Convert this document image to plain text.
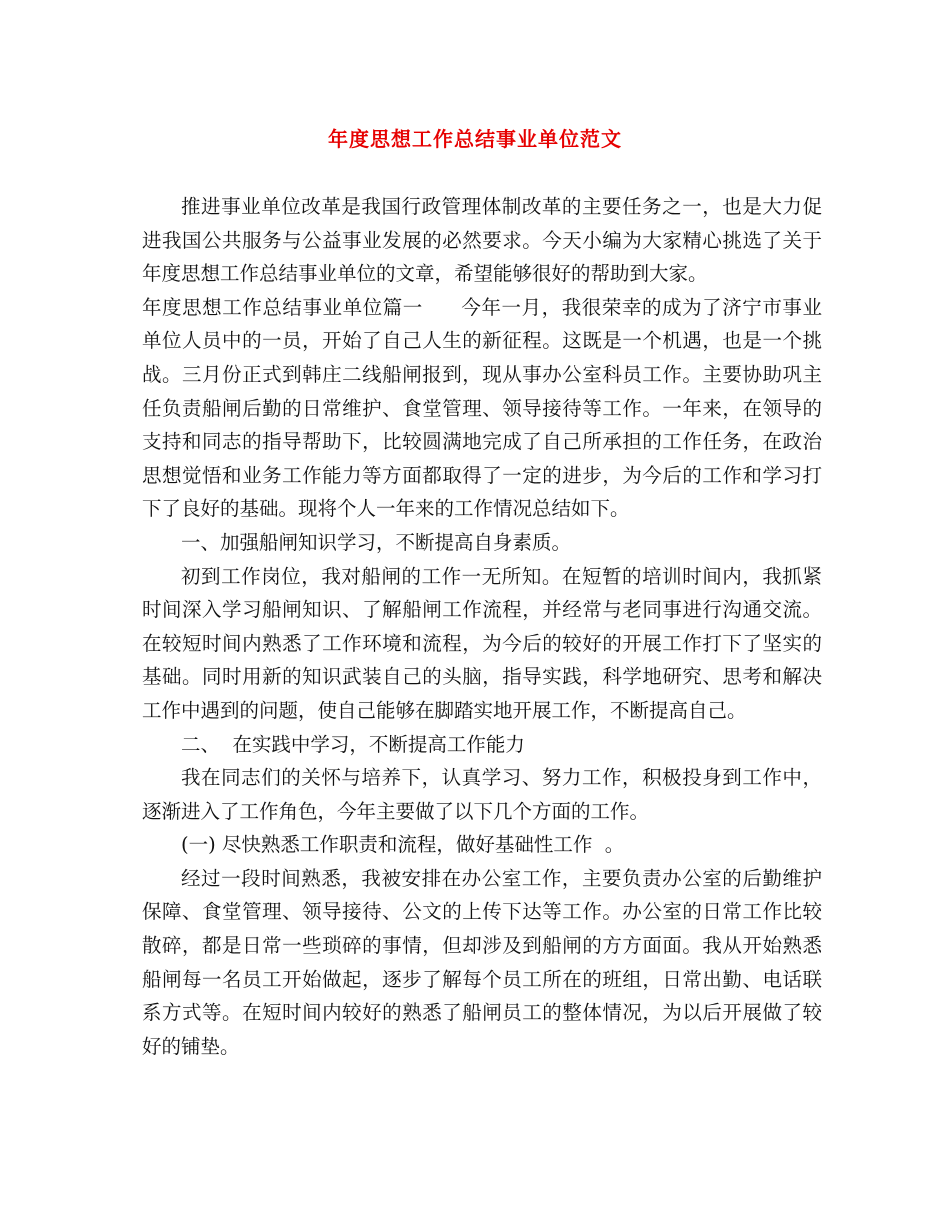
年度思想工作总结事业单位范文

推进事业单位改革是我国行政管理体制改革的主要任务之一，也是大力促进我国公共服务与公益事业发展的必然要求。今天小编为大家精心挑选了关于年度思想工作总结事业单位的文章，希望能够很好的帮助到大家。

年度思想工作总结事业单位篇一 今年一月，我很荣幸的成为了济宁市事业单位人员中的一员，开始了自己人生的新征程。这既是一个机遇，也是一个挑战。三月份正式到韩庄二线船闸报到，现从事办公室科员工作。主要协助巩主任负责船闸后勤的日常维护、食堂管理、领导接待等工作。一年来，在领导的支持和同志的指导帮助下，比较圆满地完成了自己所承担的工作任务，在政治思想觉悟和业务工作能力等方面都取得了一定的进步，为今后的工作和学习打下了良好的基础。现将个人一年来的工作情况总结如下。

一、加强船闸知识学习，不断提高自身素质。

初到工作岗位，我对船闸的工作一无所知。在短暂的培训时间内，我抓紧时间深入学习船闸知识、了解船闸工作流程，并经常与老同事进行沟通交流。在较短时间内熟悉了工作环境和流程，为今后的较好的开展工作打下了坚实的基础。同时用新的知识武装自己的头脑，指导实践，科学地研究、思考和解决工作中遇到的问题，使自己能够在脚踏实地开展工作，不断提高自己。

二、  在实践中学习，不断提高工作能力

我在同志们的关怀与培养下，认真学习、努力工作，积极投身到工作中，逐渐进入了工作角色，今年主要做了以下几个方面的工作。

(一) 尽快熟悉工作职责和流程，做好基础性工作  。

经过一段时间熟悉，我被安排在办公室工作，主要负责办公室的后勤维护保障、食堂管理、领导接待、公文的上传下达等工作。办公室的日常工作比较散碎，都是日常一些琐碎的事情，但却涉及到船闸的方方面面。我从开始熟悉船闸每一名员工开始做起，逐步了解每个员工所在的班组，日常出勤、电话联系方式等。在短时间内较好的熟悉了船闸员工的整体情况，为以后开展做了较好的铺垫。
